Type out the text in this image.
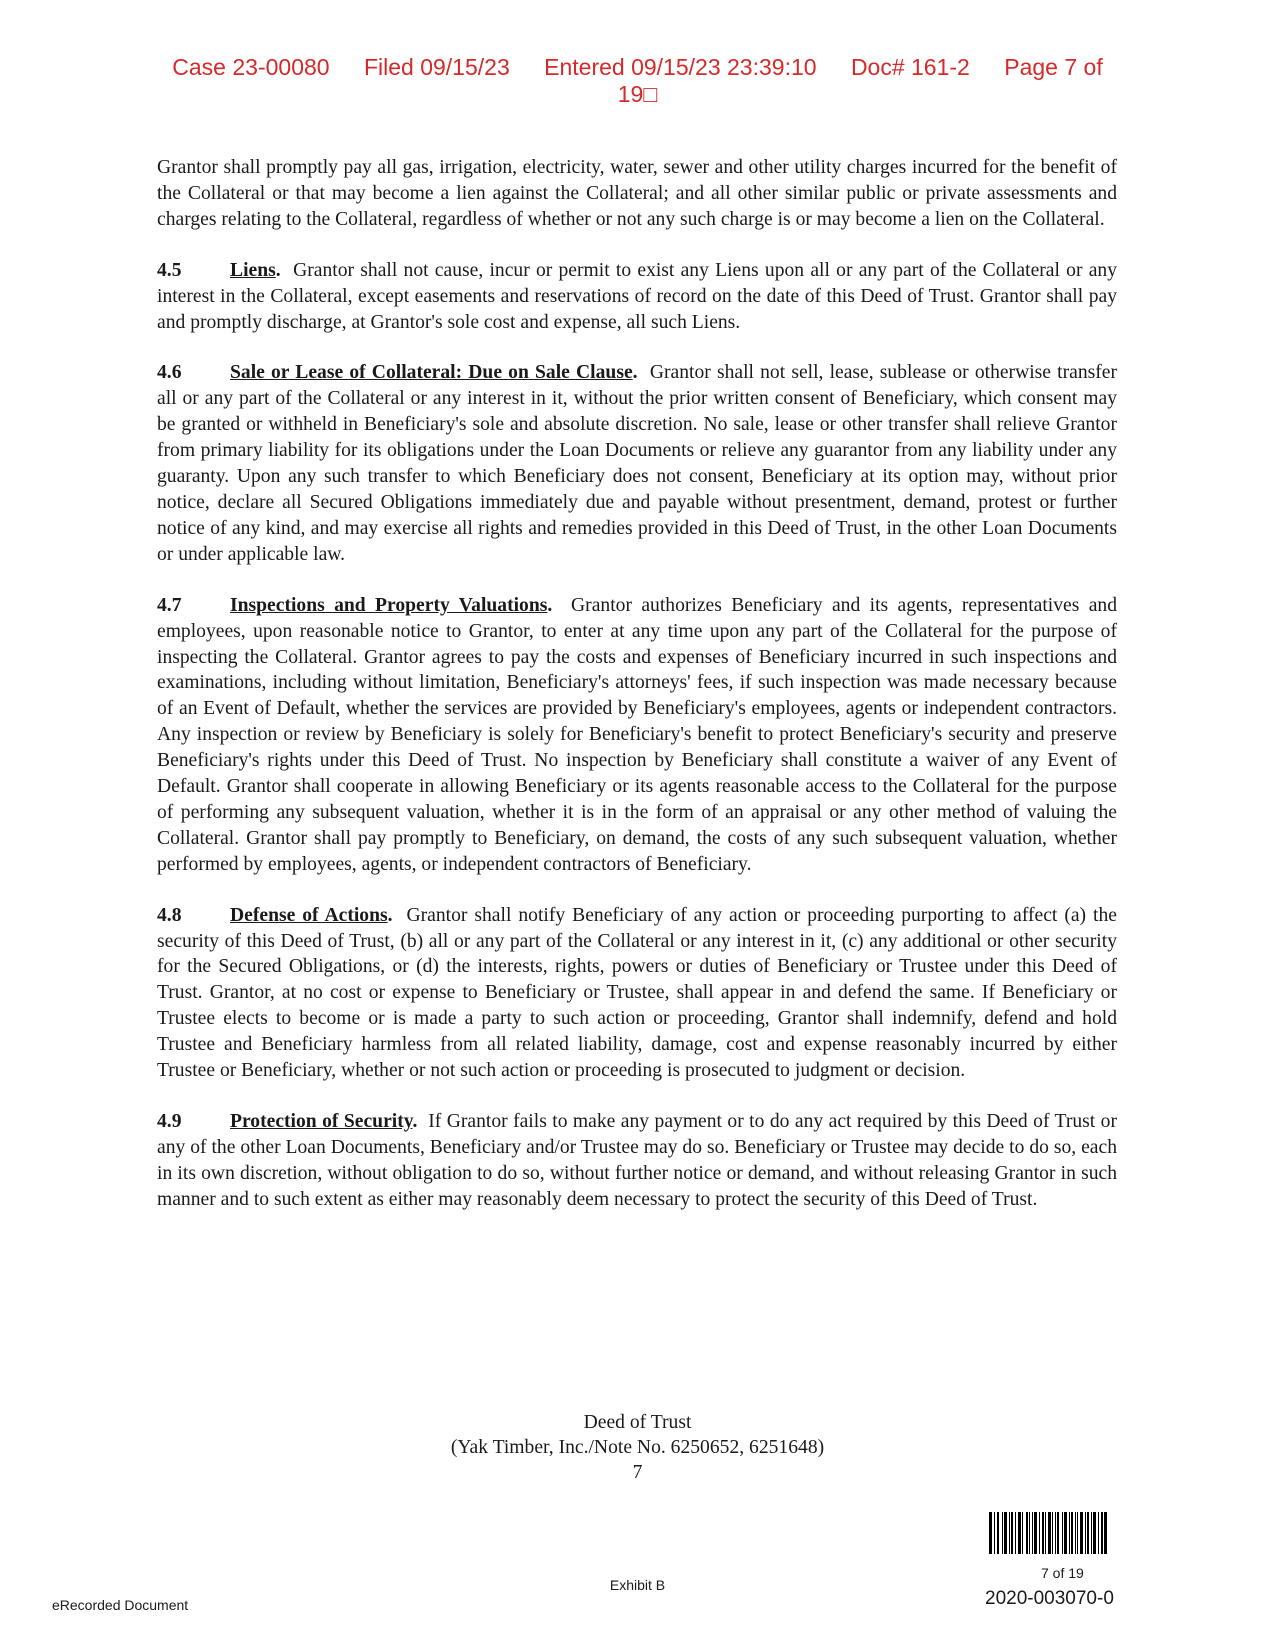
Case 23-00080 Filed 09/15/23 Entered 09/15/23 23:39:10 Doc# 161-2 Page 7 of
19□

Grantor shall promptly pay all gas, irrigation, electricity, water, sewer and other utility charges incurred for the benefit of the Collateral or that may become a lien against the Collateral; and all other similar public or private assessments and charges relating to the Collateral, regardless of whether or not any such charge is or may become a lien on the Collateral.

4.5 Liens. Grantor shall not cause, incur or permit to exist any Liens upon all or any part of the Collateral or any interest in the Collateral, except easements and reservations of record on the date of this Deed of Trust. Grantor shall pay and promptly discharge, at Grantor's sole cost and expense, all such Liens.

4.6 Sale or Lease of Collateral: Due on Sale Clause. Grantor shall not sell, lease, sublease or otherwise transfer all or any part of the Collateral or any interest in it, without the prior written consent of Beneficiary, which consent may be granted or withheld in Beneficiary's sole and absolute discretion. No sale, lease or other transfer shall relieve Grantor from primary liability for its obligations under the Loan Documents or relieve any guarantor from any liability under any guaranty. Upon any such transfer to which Beneficiary does not consent, Beneficiary at its option may, without prior notice, declare all Secured Obligations immediately due and payable without presentment, demand, protest or further notice of any kind, and may exercise all rights and remedies provided in this Deed of Trust, in the other Loan Documents or under applicable law.

4.7 Inspections and Property Valuations. Grantor authorizes Beneficiary and its agents, representatives and employees, upon reasonable notice to Grantor, to enter at any time upon any part of the Collateral for the purpose of inspecting the Collateral. Grantor agrees to pay the costs and expenses of Beneficiary incurred in such inspections and examinations, including without limitation, Beneficiary's attorneys' fees, if such inspection was made necessary because of an Event of Default, whether the services are provided by Beneficiary's employees, agents or independent contractors. Any inspection or review by Beneficiary is solely for Beneficiary's benefit to protect Beneficiary's security and preserve Beneficiary's rights under this Deed of Trust. No inspection by Beneficiary shall constitute a waiver of any Event of Default. Grantor shall cooperate in allowing Beneficiary or its agents reasonable access to the Collateral for the purpose of performing any subsequent valuation, whether it is in the form of an appraisal or any other method of valuing the Collateral. Grantor shall pay promptly to Beneficiary, on demand, the costs of any such subsequent valuation, whether performed by employees, agents, or independent contractors of Beneficiary.

4.8 Defense of Actions. Grantor shall notify Beneficiary of any action or proceeding purporting to affect (a) the security of this Deed of Trust, (b) all or any part of the Collateral or any interest in it, (c) any additional or other security for the Secured Obligations, or (d) the interests, rights, powers or duties of Beneficiary or Trustee under this Deed of Trust. Grantor, at no cost or expense to Beneficiary or Trustee, shall appear in and defend the same. If Beneficiary or Trustee elects to become or is made a party to such action or proceeding, Grantor shall indemnify, defend and hold Trustee and Beneficiary harmless from all related liability, damage, cost and expense reasonably incurred by either Trustee or Beneficiary, whether or not such action or proceeding is prosecuted to judgment or decision.

4.9 Protection of Security. If Grantor fails to make any payment or to do any act required by this Deed of Trust or any of the other Loan Documents, Beneficiary and/or Trustee may do so. Beneficiary or Trustee may decide to do so, each in its own discretion, without obligation to do so, without further notice or demand, and without releasing Grantor in such manner and to such extent as either may reasonably deem necessary to protect the security of this Deed of Trust.

Deed of Trust
(Yak Timber, Inc./Note No. 6250652, 6251648)
7
7 of 19
2020-003070-0
Exhibit B
eRecorded Document
